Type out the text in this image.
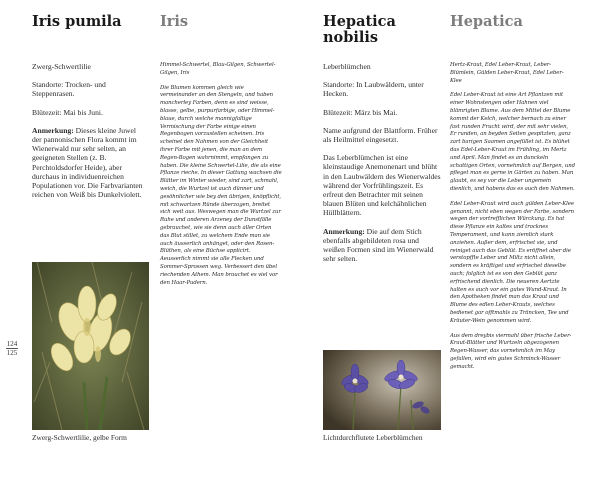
Iris pumila	Iris

Zwerg-Schwertlilie

Standorte: Trocken- und Steppenrasen.

Blütezeit: Mai bis Juni.

Anmerkung: Dieses kleine Juwel der pannonischen Flora kommt im Wienerwald nur sehr selten, an geeigneten Stellen (z. B. Perchtoldsdorfer Heide), aber durchaus in individuenreichen Populationen vor. Die Farbvarianten reichen von Weiß bis Dunkelviolett.

Himmel-Schwertel, Blau-Gilgen, Schwertel-Gilgen, Iris

Die Blumen kommen gleich wie vermeinander an den Stengeln, und haben mancherley Farben, denn es sind weisse, blasse, gelbe, purpurfarbige, oder Himmel-blaue, durch welche mannigfaltige Vermischung der Farbe einige einen Regenbogen vorzustellen scheinen. Iris scheinet den Nahmen von der Gleichheit ihrer Farbe mit jenen, die man an dem Regen-Bogen wahrnimmt, empfangen zu haben. Die kleine Schwertel-Lilie, die als eine Pflanze rieche. In dieser Gattung wachsen die Blätter im Winter wieder, sind zart, schmahl, weich, die Wurtzel ist auch dünner und gesöhnlicher wie bey den übrigen, knöpflicht, mit schwartzen Ründe überzogen, breitet sich weit aus. Weswegen man die Wurtzel zur Ruhe und anderen Arzeney der Dunstfälle gebrauchet, wie sie denn auch aller Orten das Blut stillet, zu welchem Ende man sie auch äusserlich anhänget, oder den Rosen-Blüthen, als eine Büchse applicirt. Aeusserlich nimmt sie alle Flecken und Sommer-Sprossen weg. Verbessert den übel riechenden Athem. Man brauchet es viel vor den Haar-Pudern.

124
125
Zwerg-Schwertlilie, gelbe Form
Hepatica nobilis
Hepatica

Leberblümchen

Standorte: In Laubwäldern, unter Hecken.

Blütezeit: März bis Mai.

Name aufgrund der Blattform. Früher als Heilmittel eingesetzt.

Das Leberblümchen ist eine kleinstaudige Anemonenart und blüht in den Laubwäldern des Wienerwaldes während der Vorfrühlingszeit. Es erfreut den Betrachter mit seinen blauen Blüten und kelchähnlichen Hüllblättern.

Anmerkung: Die auf dem Stich ebenfalls abgebildeten rosa und weißen Formen sind im Wienerwald sehr selten.

Hertz-Kraut, Edel Leber-Kraut, Leber-Blümlein, Gülden Leber-Kraut, Edel Leber-Klee

Edel Leber-Kraut ist eine Art Pflantzen mit einer Wohnstengen oder Hahnen viel blämrigten Blume. Aus dem Mittel der Blume kommt der Kelch, welcher bernach zu einer fast runden Frucht wird, der mit sehr vielen, Er runden, an beyden Seiten gespitzten, ganz zart barigen Saamen angefüllet ist. Es blühet das Edel-Leber-Kraut im Frühling, im Mertz und April. Man findet es an dunckeln schattigen Orten, vornehmlich auf Bergen, und pfleget man es gerne in Gärten zu haben. Man glaubt, es sey vor die Leber ungemein dienlich, und habens das es auch den Nahmen.

Edel Leber-Kraut wird auch gülden Leber-Klee genannt, nicht eben wegen der Farbe, sondern wegen der vortrefflichen Würckung. Es hat diese Pflanze ein kaltes und trocknes Temperament, und kann ziemlich stark anziehen. Außer dem, erfrischet sie, und reiniget auch das Geblüt. Es eröffnet aber die verstopffte Leber und Miltz nicht allein, sondern es kräftiget und erfrischet dieselbe auch; folglich ist es von den Geblüt ganz erfrischend dienlich. Die neueren Aertzte halten es auch vor ein gutes Wund-Kraut. In den Apotheken findet man das Kraut und Blume des edlen Leber-Krauts, welches bedienet gar offtmahls zu Träncken, Tee und Kräuter-Wein genommen wird.

Aus dem dreybis viermahl über frische Leber-Kraut-Blätter und Wurtzeln abgezogenen Regen-Wasser, das vornehmlich im May gefallen, wird ein gutes Schminck-Wasser gemacht.

Lichtdurchflutete Leberblümchen
